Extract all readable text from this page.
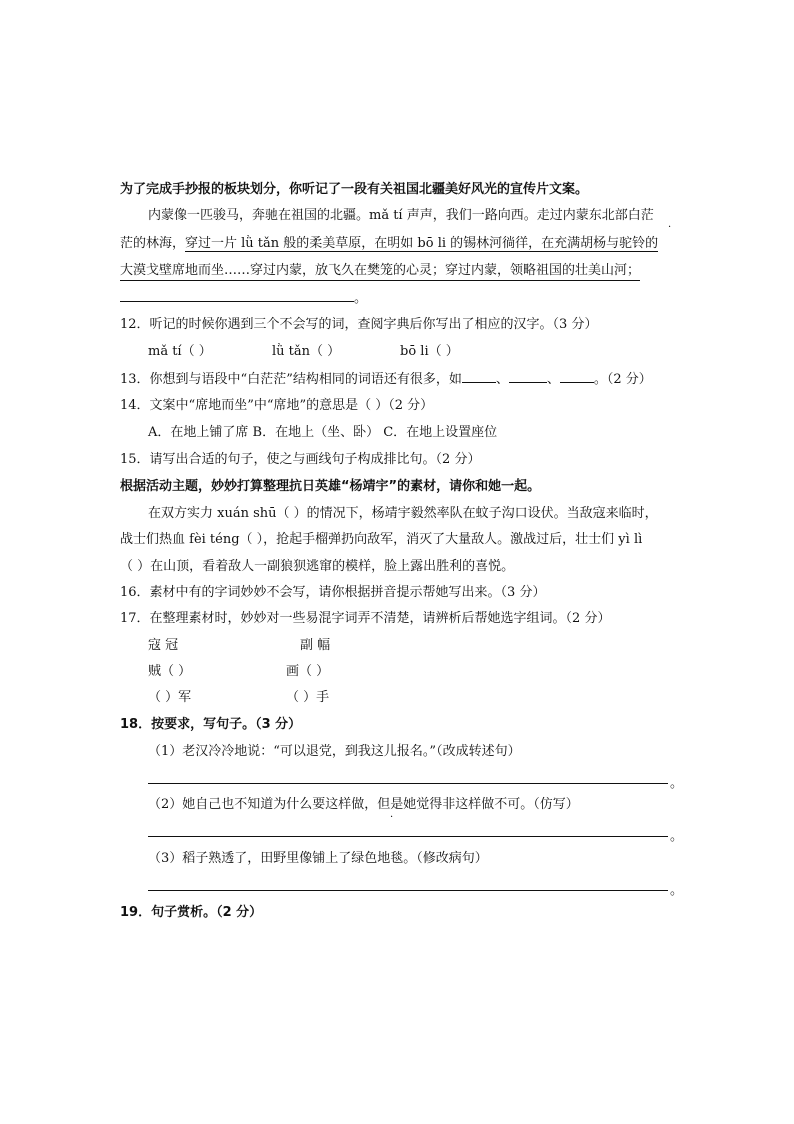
为了完成手抄报的板块划分，你听记了一段有关祖国北疆美好风光的宣传片文案。
内蒙像一匹骏马，奔驰在祖国的北疆。mǎ tí 声声，我们一路向西。走过内蒙东北部白茫
·
茫的林海，穿过一片 lǜ tǎn 般的柔美草原，在明如 bō li 的锡林河徜徉，在充满胡杨与驼铃的
大漠戈壁席地而坐……穿过内蒙，放飞久在樊笼的心灵；穿过内蒙，领略祖国的壮美山河；
。
12．听记的时候你遇到三个不会写的词，查阅字典后你写出了相应的汉字。（3 分）
mǎ tí（ ）	lǜ tǎn（ ）	bō li（ ）
13．你想到与语段中“白茫茫”结构相同的词语还有很多，如	、	、	。（2 分）
14．文案中“席地而坐”中“席地”的意思是（ ）（2 分）
A．在地上铺了席 B．在地上（坐、卧） C．在地上设置座位
15．请写出合适的句子，使之与画线句子构成排比句。（2 分）
根据活动主题，妙妙打算整理抗日英雄“杨靖宇”的素材，请你和她一起。
在双方实力 xuán shū（ ）的情况下，杨靖宇毅然率队在蚊子沟口设伏。当敌寇来临时，
战士们热血 fèi téng（ ），抢起手榴弹扔向敌军，消灭了大量敌人。激战过后，壮士们 yì lì
（ ）在山顶，看着敌人一副狼狈逃窜的模样，脸上露出胜利的喜悦。
16．素材中有的字词妙妙不会写，请你根据拼音提示帮她写出来。（3 分）
17．在整理素材时，妙妙对一些易混字词弄不清楚，请辨析后帮她选字组词。（2 分）
寇 冠	副 幅
贼（ ）	画（ ）
（ ）军	（ ）手
18．按要求，写句子。（3 分）
（1）老汉冷冷地说：“可以退党，到我这儿报名。”（改成转述句）
。
（2）她自己也不知道为什么要这样做，但是她觉得非这样做不可。（仿写）
·
。
（3）稻子熟透了，田野里像铺上了绿色地毯。（修改病句）
。
19．句子赏析。（2 分）
